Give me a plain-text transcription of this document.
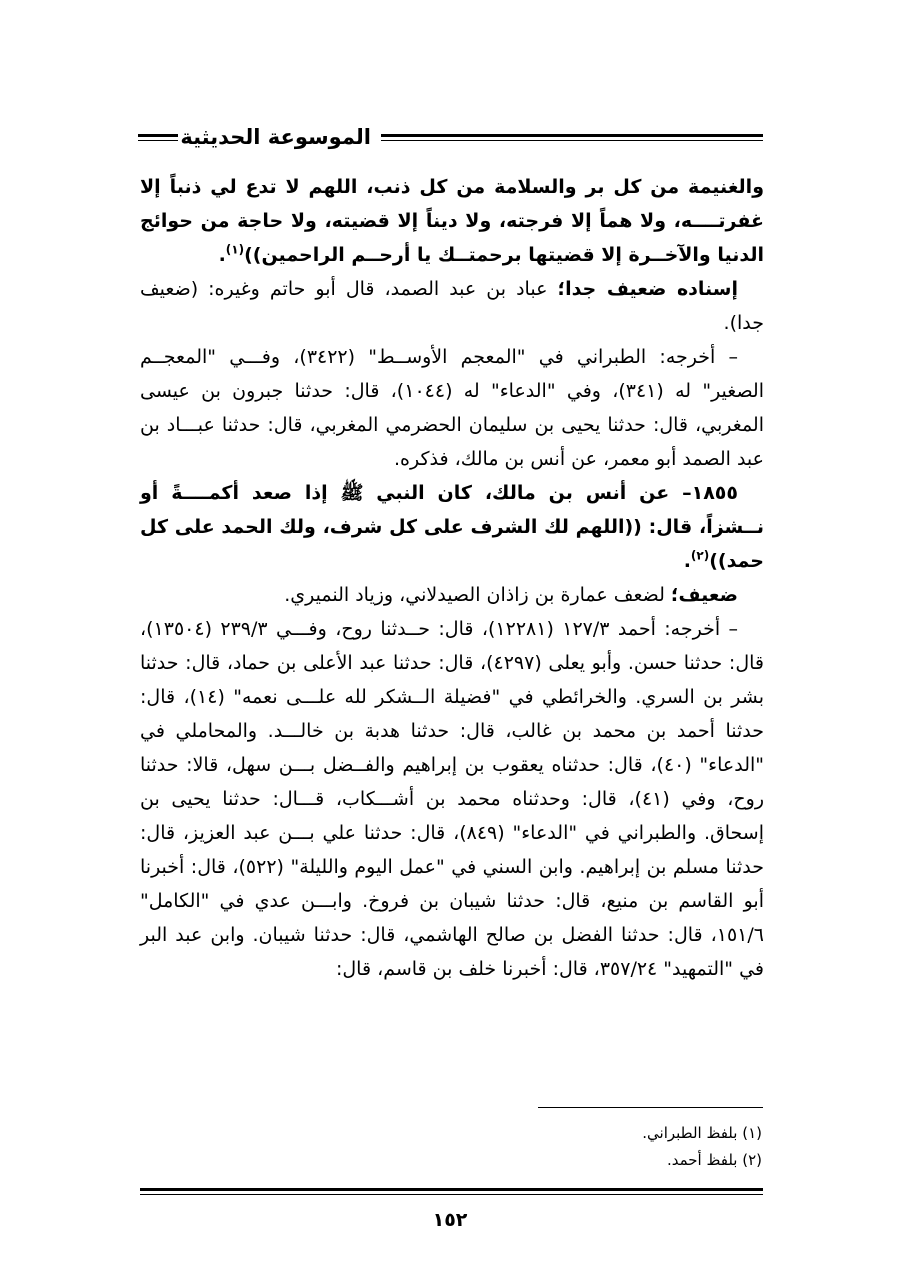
الموسوعة الحديثية

والغنيمة من كل بر والسلامة من كل ذنب، اللهم لا تدع لي ذنباً إلا غفرتــــه، ولا هماً إلا فرجته، ولا ديناً إلا قضيته، ولا حاجة من حوائج الدنيا والآخــرة إلا قضيتها برحمتــك يا أرحــم الراحمين))$^{(١)}$.

إسناده ضعيف جدا؛ عباد بن عبد الصمد، قال أبو حاتم وغيره: (ضعيف جدا).

– أخرجه: الطبراني في "المعجم الأوســط" (٣٤٢٢)، وفـــي "المعجــم الصغير" له (٣٤١)، وفي "الدعاء" له (١٠٤٤)، قال: حدثنا جبرون بن عيسى المغربي، قال: حدثنا يحيى بن سليمان الحضرمي المغربي، قال: حدثنا عبـــاد بن عبد الصمد أبو معمر، عن أنس بن مالك، فذكره.

١٨٥٥– عن أنس بن مالك، كان النبي ﷺ إذا صعد أكمــــةً أو نــشزاً، قال: ((اللهم لك الشرف على كل شرف، ولك الحمد على كل حمد))$^{(٢)}$.

ضعيف؛ لضعف عمارة بن زاذان الصيدلاني، وزياد النميري.

– أخرجه: أحمد ١٢٧/٣ (١٢٢٨١)، قال: حــدثنا روح، وفـــي ٢٣٩/٣ (١٣٥٠٤)، قال: حدثنا حسن. وأبو يعلى (٤٢٩٧)، قال: حدثنا عبد الأعلى بن حماد، قال: حدثنا بشر بن السري. والخرائطي في "فضيلة الــشكر لله علـــى نعمه" (١٤)، قال: حدثنا أحمد بن محمد بن غالب، قال: حدثنا هدبة بن خالـــد. والمحاملي في "الدعاء" (٤٠)، قال: حدثناه يعقوب بن إبراهيم والفــضل بـــن سهل، قالا: حدثنا روح، وفي (٤١)، قال: وحدثناه محمد بن أشـــكاب، قـــال: حدثنا يحيى بن إسحاق. والطبراني في "الدعاء" (٨٤٩)، قال: حدثنا علي بـــن عبد العزيز، قال: حدثنا مسلم بن إبراهيم. وابن السني في "عمل اليوم والليلة" (٥٢٢)، قال: أخبرنا أبو القاسم بن منيع، قال: حدثنا شيبان بن فروخ. وابـــن عدي في "الكامل" ١٥١/٦، قال: حدثنا الفضل بن صالح الهاشمي، قال: حدثنا شيبان. وابن عبد البر في "التمهيد" ٣٥٧/٢٤، قال: أخبرنا خلف بن قاسم، قال:

(١) بلفظ الطبراني.

(٢) بلفظ أحمد.

١٥٢
